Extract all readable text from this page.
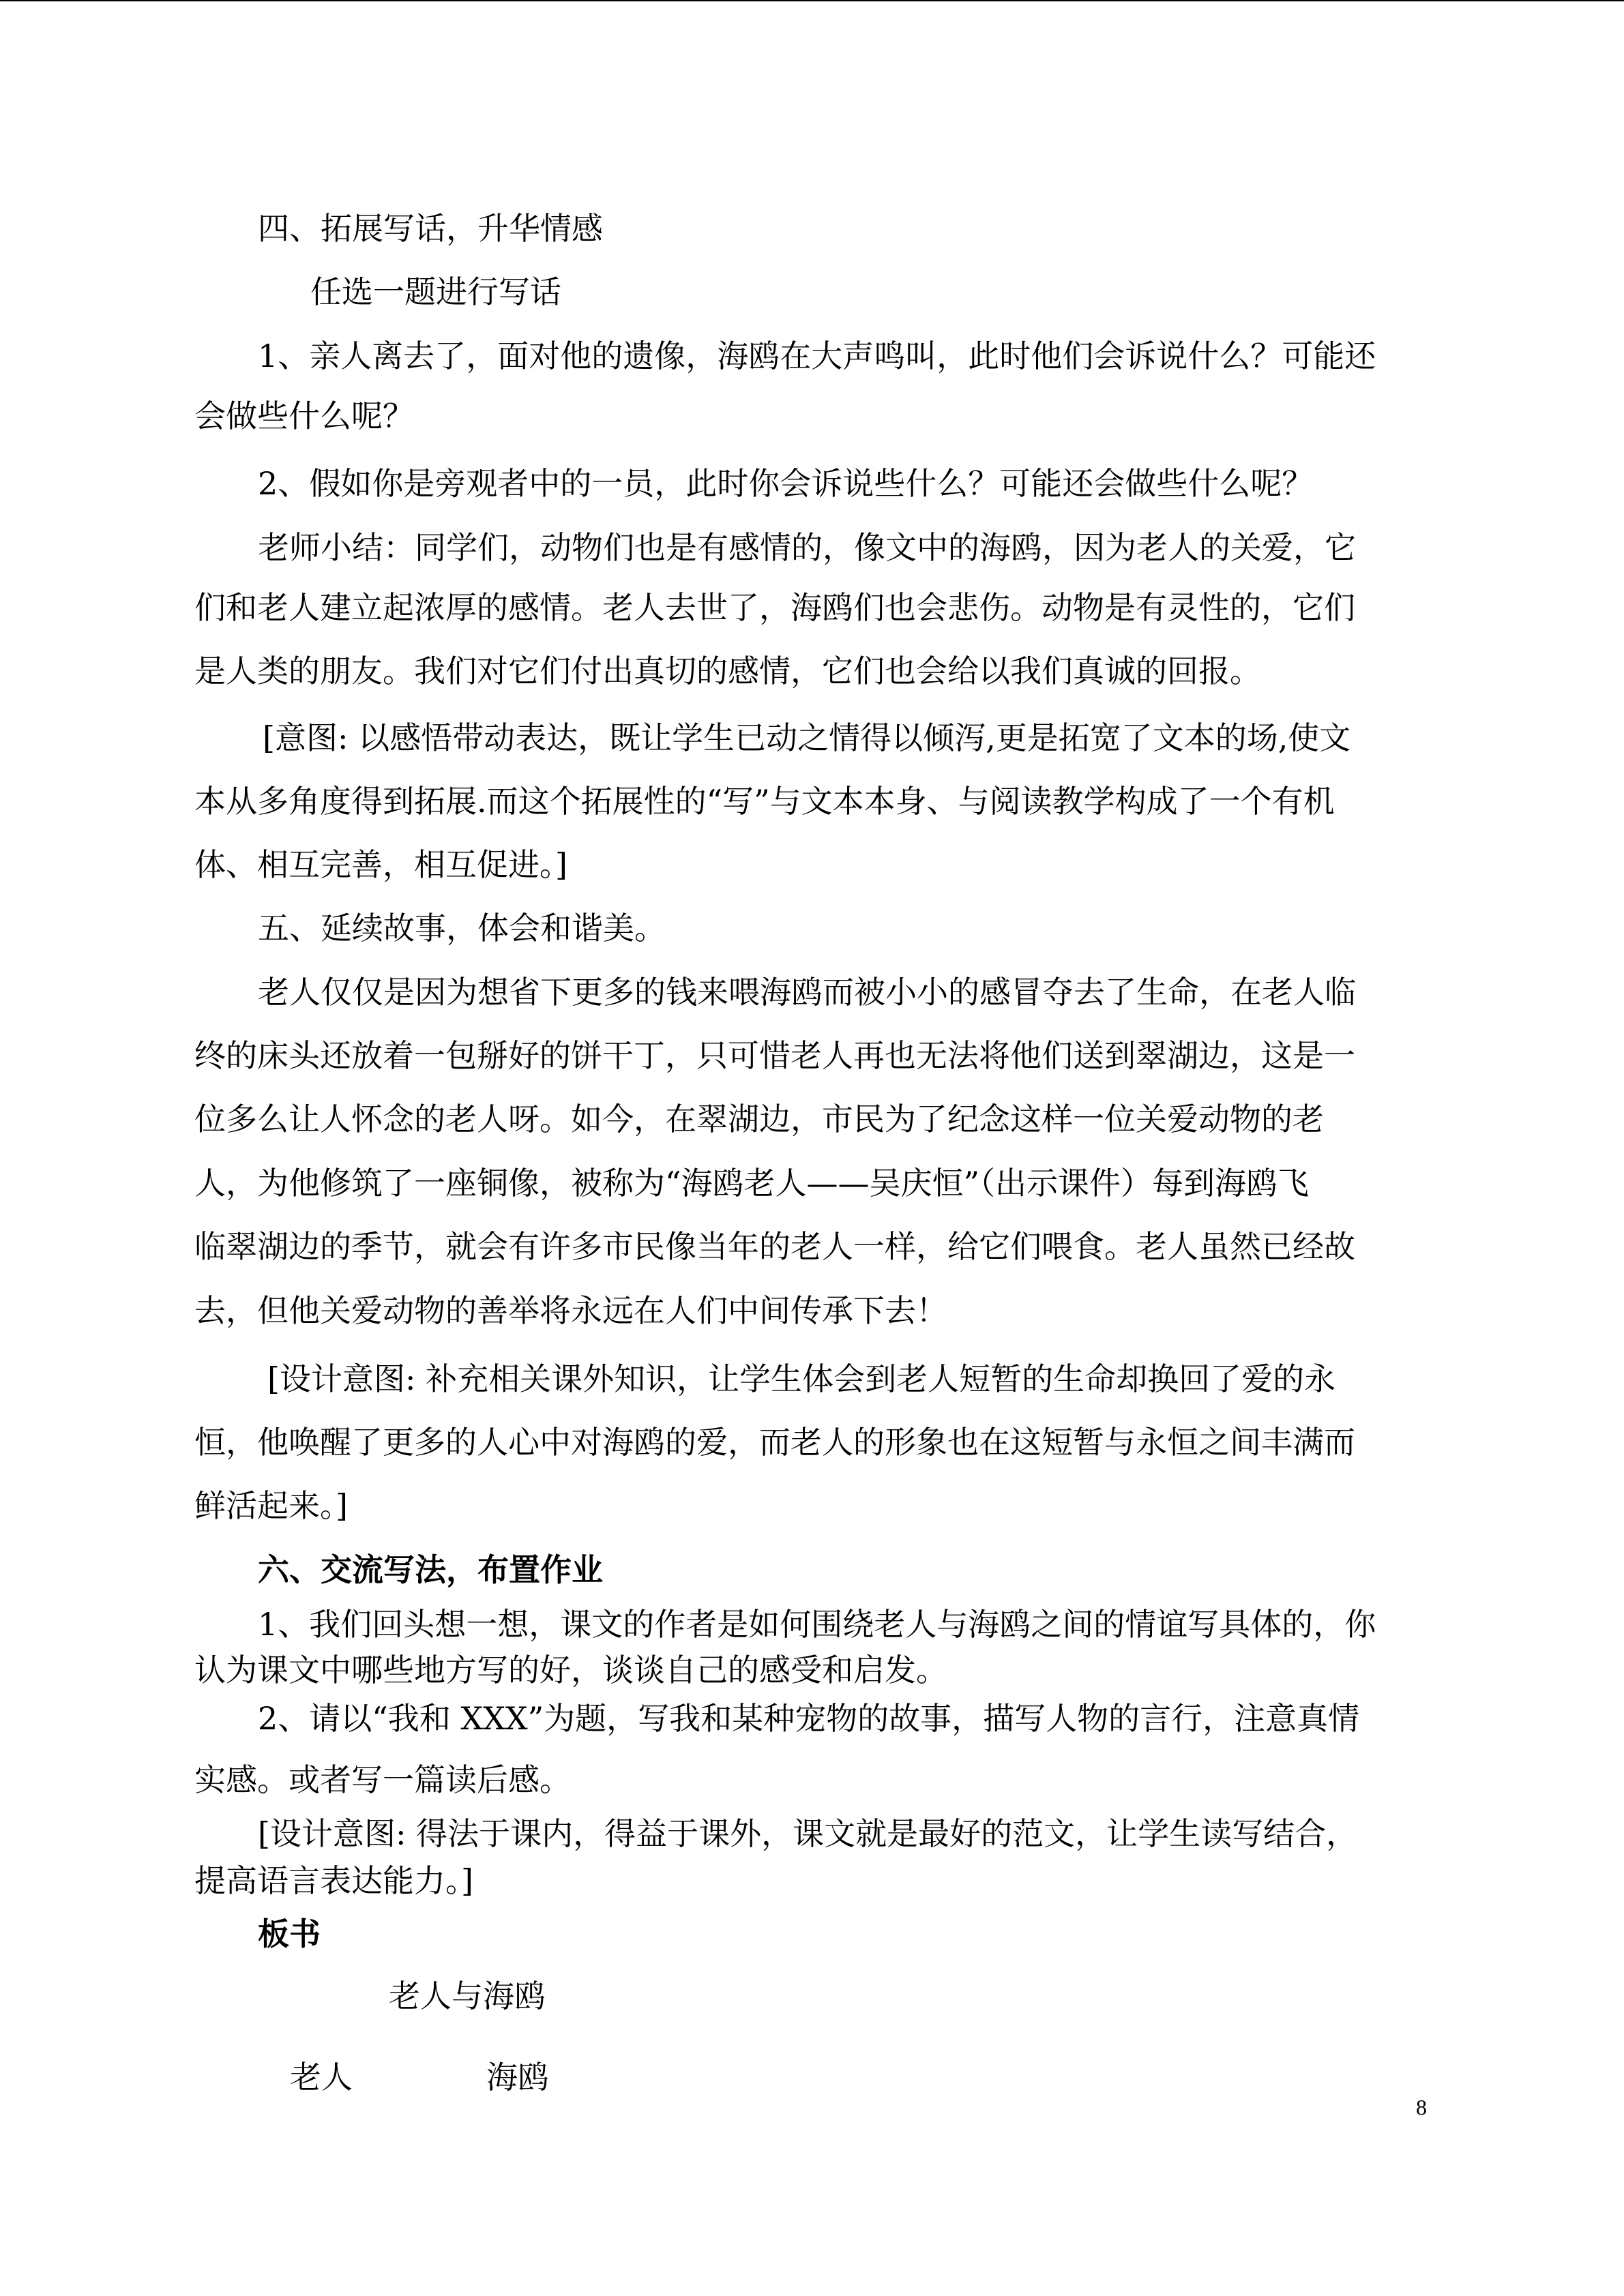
四、拓展写话，升华情感
任选一题进行写话
1、亲人离去了，面对他的遗像，海鸥在大声鸣叫，此时他们会诉说什么？可能还
会做些什么呢？
2、假如你是旁观者中的一员，此时你会诉说些什么？可能还会做些什么呢？
老师小结：同学们，动物们也是有感情的，像文中的海鸥，因为老人的关爱，它
们和老人建立起浓厚的感情。老人去世了，海鸥们也会悲伤。动物是有灵性的，它们
是人类的朋友。我们对它们付出真切的感情，它们也会给以我们真诚的回报。
[意图: 以感悟带动表达，既让学生已动之情得以倾泻,更是拓宽了文本的场,使文
本从多角度得到拓展.而这个拓展性的“写”与文本本身、与阅读教学构成了一个有机
体、相互完善，相互促进。]
五、延续故事，体会和谐美。
老人仅仅是因为想省下更多的钱来喂海鸥而被小小的感冒夺去了生命，在老人临
终的床头还放着一包掰好的饼干丁，只可惜老人再也无法将他们送到翠湖边，这是一
位多么让人怀念的老人呀。如今，在翠湖边，市民为了纪念这样一位关爱动物的老
人，为他修筑了一座铜像，被称为“海鸥老人——吴庆恒”（出示课件）每到海鸥飞
临翠湖边的季节，就会有许多市民像当年的老人一样，给它们喂食。老人虽然已经故
去，但他关爱动物的善举将永远在人们中间传承下去！
[设计意图: 补充相关课外知识，让学生体会到老人短暂的生命却换回了爱的永
恒，他唤醒了更多的人心中对海鸥的爱，而老人的形象也在这短暂与永恒之间丰满而
鲜活起来。]
六、交流写法，布置作业
1、我们回头想一想，课文的作者是如何围绕老人与海鸥之间的情谊写具体的，你
认为课文中哪些地方写的好，谈谈自己的感受和启发。
2、请以“我和 XXX”为题，写我和某种宠物的故事，描写人物的言行，注意真情
实感。或者写一篇读后感。
[设计意图: 得法于课内，得益于课外，课文就是最好的范文，让学生读写结合，
提高语言表达能力。]
板书
老人与海鸥
老人	海鸥
8
